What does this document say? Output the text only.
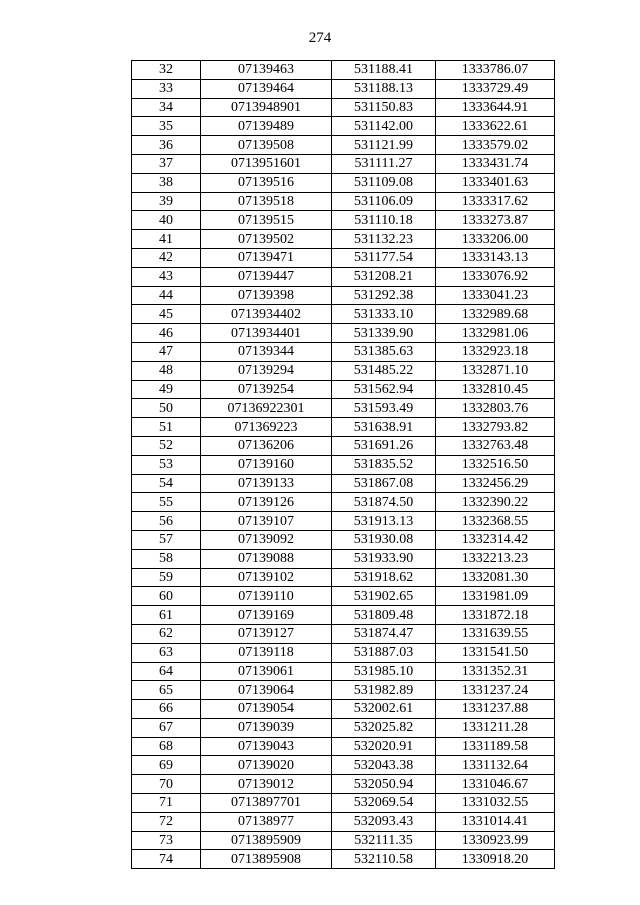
274
32	07139463	531188.41	1333786.07
33	07139464	531188.13	1333729.49
34	0713948901	531150.83	1333644.91
35	07139489	531142.00	1333622.61
36	07139508	531121.99	1333579.02
37	0713951601	531111.27	1333431.74
38	07139516	531109.08	1333401.63
39	07139518	531106.09	1333317.62
40	07139515	531110.18	1333273.87
41	07139502	531132.23	1333206.00
42	07139471	531177.54	1333143.13
43	07139447	531208.21	1333076.92
44	07139398	531292.38	1333041.23
45	0713934402	531333.10	1332989.68
46	0713934401	531339.90	1332981.06
47	07139344	531385.63	1332923.18
48	07139294	531485.22	1332871.10
49	07139254	531562.94	1332810.45
50	07136922301	531593.49	1332803.76
51	071369223	531638.91	1332793.82
52	07136206	531691.26	1332763.48
53	07139160	531835.52	1332516.50
54	07139133	531867.08	1332456.29
55	07139126	531874.50	1332390.22
56	07139107	531913.13	1332368.55
57	07139092	531930.08	1332314.42
58	07139088	531933.90	1332213.23
59	07139102	531918.62	1332081.30
60	07139110	531902.65	1331981.09
61	07139169	531809.48	1331872.18
62	07139127	531874.47	1331639.55
63	07139118	531887.03	1331541.50
64	07139061	531985.10	1331352.31
65	07139064	531982.89	1331237.24
66	07139054	532002.61	1331237.88
67	07139039	532025.82	1331211.28
68	07139043	532020.91	1331189.58
69	07139020	532043.38	1331132.64
70	07139012	532050.94	1331046.67
71	0713897701	532069.54	1331032.55
72	07138977	532093.43	1331014.41
73	0713895909	532111.35	1330923.99
74	0713895908	532110.58	1330918.20
